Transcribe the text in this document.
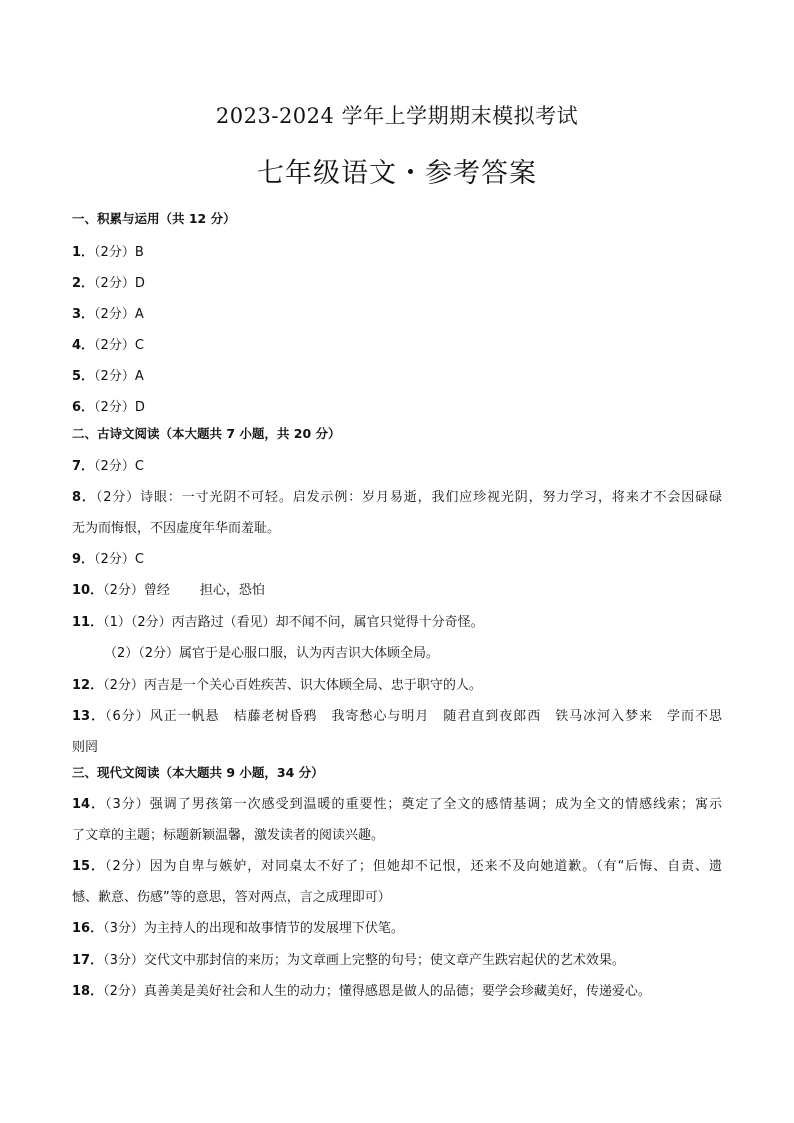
2023-2024 学年上学期期末模拟考试
七年级语文・参考答案
一、积累与运用（共 12 分）
1．（2分）B
2．（2分）D
3．（2分）A
4．（2分）C
5．（2分）A
6．（2分）D
二、古诗文阅读（本大题共 7 小题，共 20 分）
7．（2分）C
8．（2分）诗眼：一寸光阴不可轻。启发示例：岁月易逝，我们应珍视光阴，努力学习，将来才不会因碌碌
无为而悔恨，不因虚度年华而羞耻。
9．（2分）C
10．（2分）曾经 担心，恐怕
11．（1）（2分）丙吉路过（看见）却不闻不问，属官只觉得十分奇怪。
（2）（2分）属官于是心服口服，认为丙吉识大体顾全局。
12．（2分）丙吉是一个关心百姓疾苦、识大体顾全局、忠于职守的人。
13．（6分）风正一帆悬　桔藤老树昏鸦　我寄愁心与明月　随君直到夜郎西　铁马冰河入梦来　学而不思
则罔
三、现代文阅读（本大题共 9 小题，34 分）
14．（3分）强调了男孩第一次感受到温暖的重要性；奠定了全文的感情基调；成为全文的情感线索；寓示
了文章的主题；标题新颖温馨，激发读者的阅读兴趣。
15．（2分）因为自卑与嫉妒，对同桌太不好了；但她却不记恨，还来不及向她道歉。（有“后悔、自责、遗
憾、歉意、伤感”等的意思，答对两点，言之成理即可）
16．（3分）为主持人的出现和故事情节的发展埋下伏笔。
17．（3分）交代文中那封信的来历；为文章画上完整的句号；使文章产生跌宕起伏的艺术效果。
18．（2分）真善美是美好社会和人生的动力；懂得感恩是做人的品德；要学会珍藏美好，传递爱心。
